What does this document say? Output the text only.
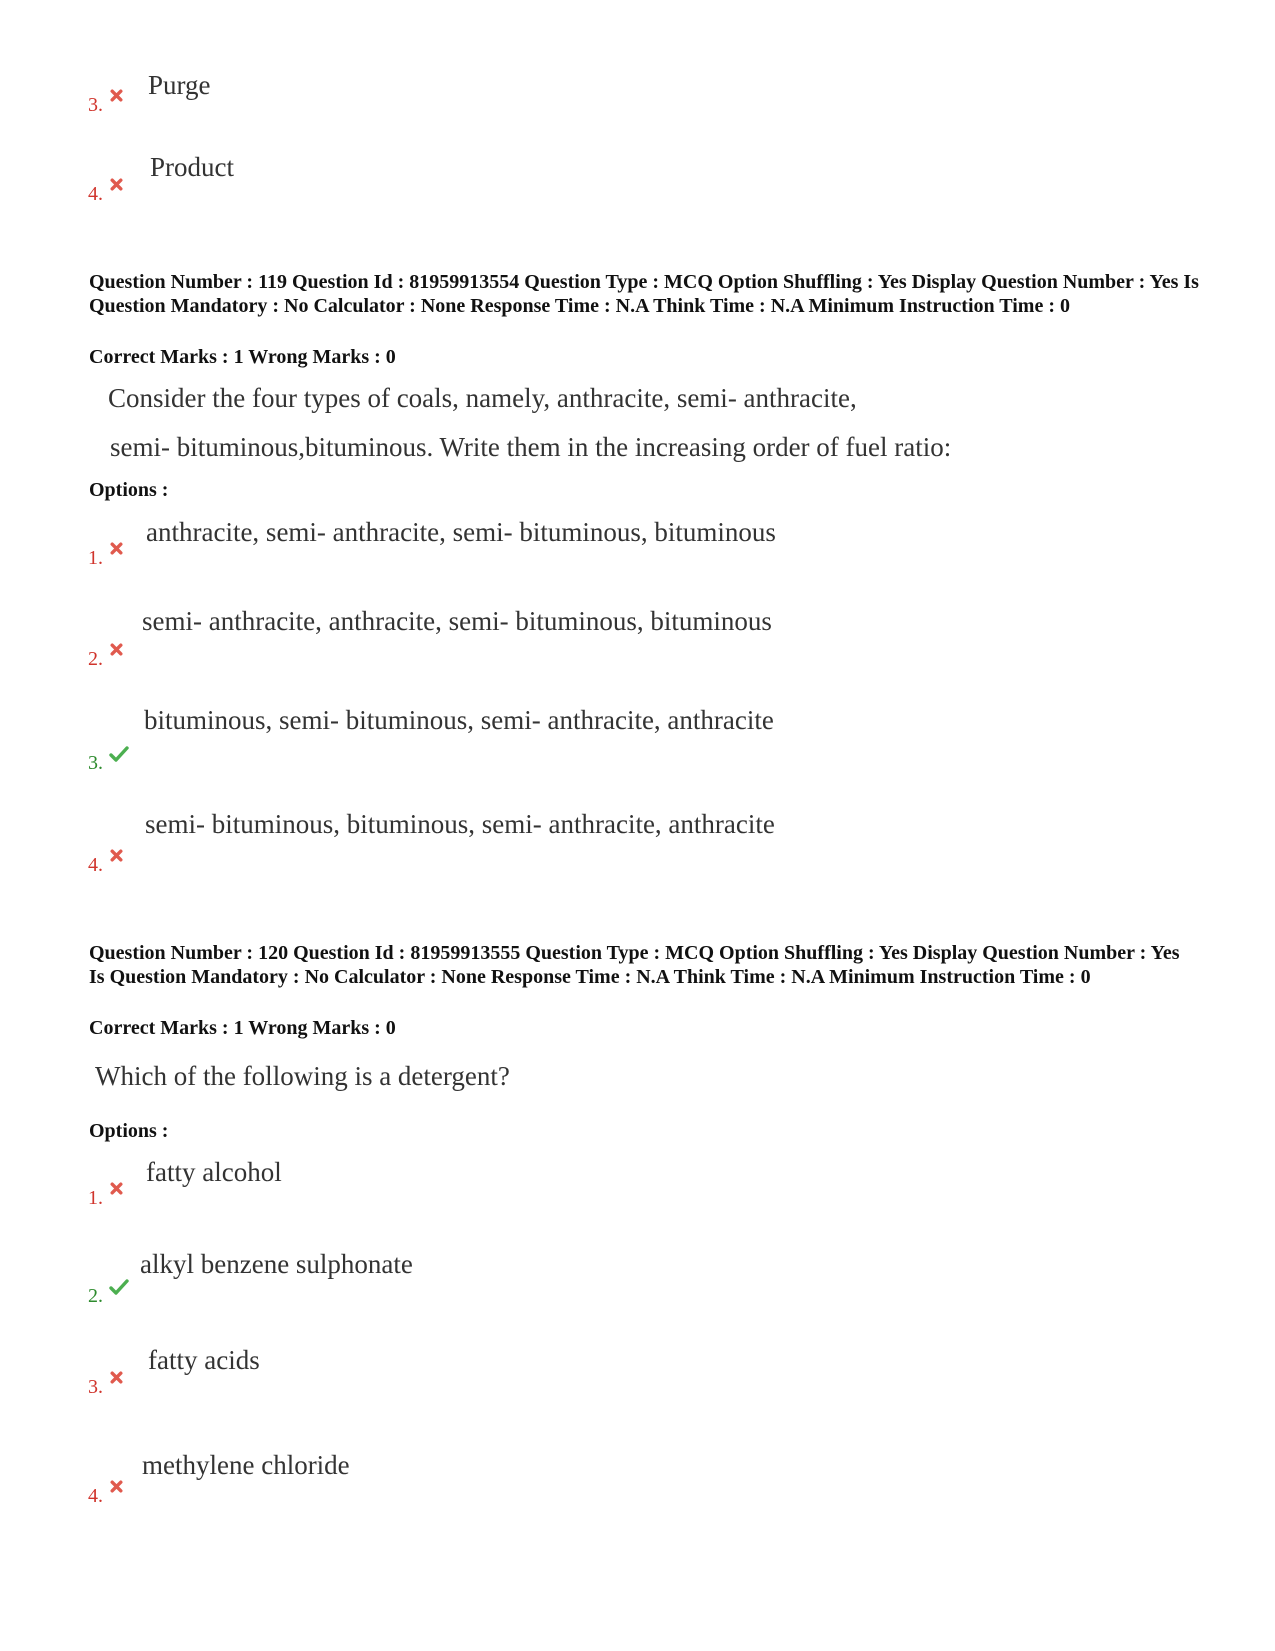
Purge
3.
Product
4.
Question Number : 119 Question Id : 81959913554 Question Type : MCQ Option Shuffling : Yes Display Question Number : Yes Is Question Mandatory : No Calculator : None Response Time : N.A Think Time : N.A Minimum Instruction Time : 0
Correct Marks : 1 Wrong Marks : 0
Consider the four types of coals, namely, anthracite, semi- anthracite,
semi- bituminous,bituminous. Write them in the increasing order of fuel ratio:
Options :
anthracite, semi- anthracite, semi- bituminous, bituminous
1.
semi- anthracite, anthracite, semi- bituminous, bituminous
2.
bituminous, semi- bituminous, semi- anthracite, anthracite
3.
semi- bituminous, bituminous, semi- anthracite, anthracite
4.
Question Number : 120 Question Id : 81959913555 Question Type : MCQ Option Shuffling : Yes Display Question Number : Yes Is Question Mandatory : No Calculator : None Response Time : N.A Think Time : N.A Minimum Instruction Time : 0
Correct Marks : 1 Wrong Marks : 0
Which of the following is a detergent?
Options :
fatty alcohol
1.
alkyl benzene sulphonate
2.
fatty acids
3.
methylene chloride
4.
